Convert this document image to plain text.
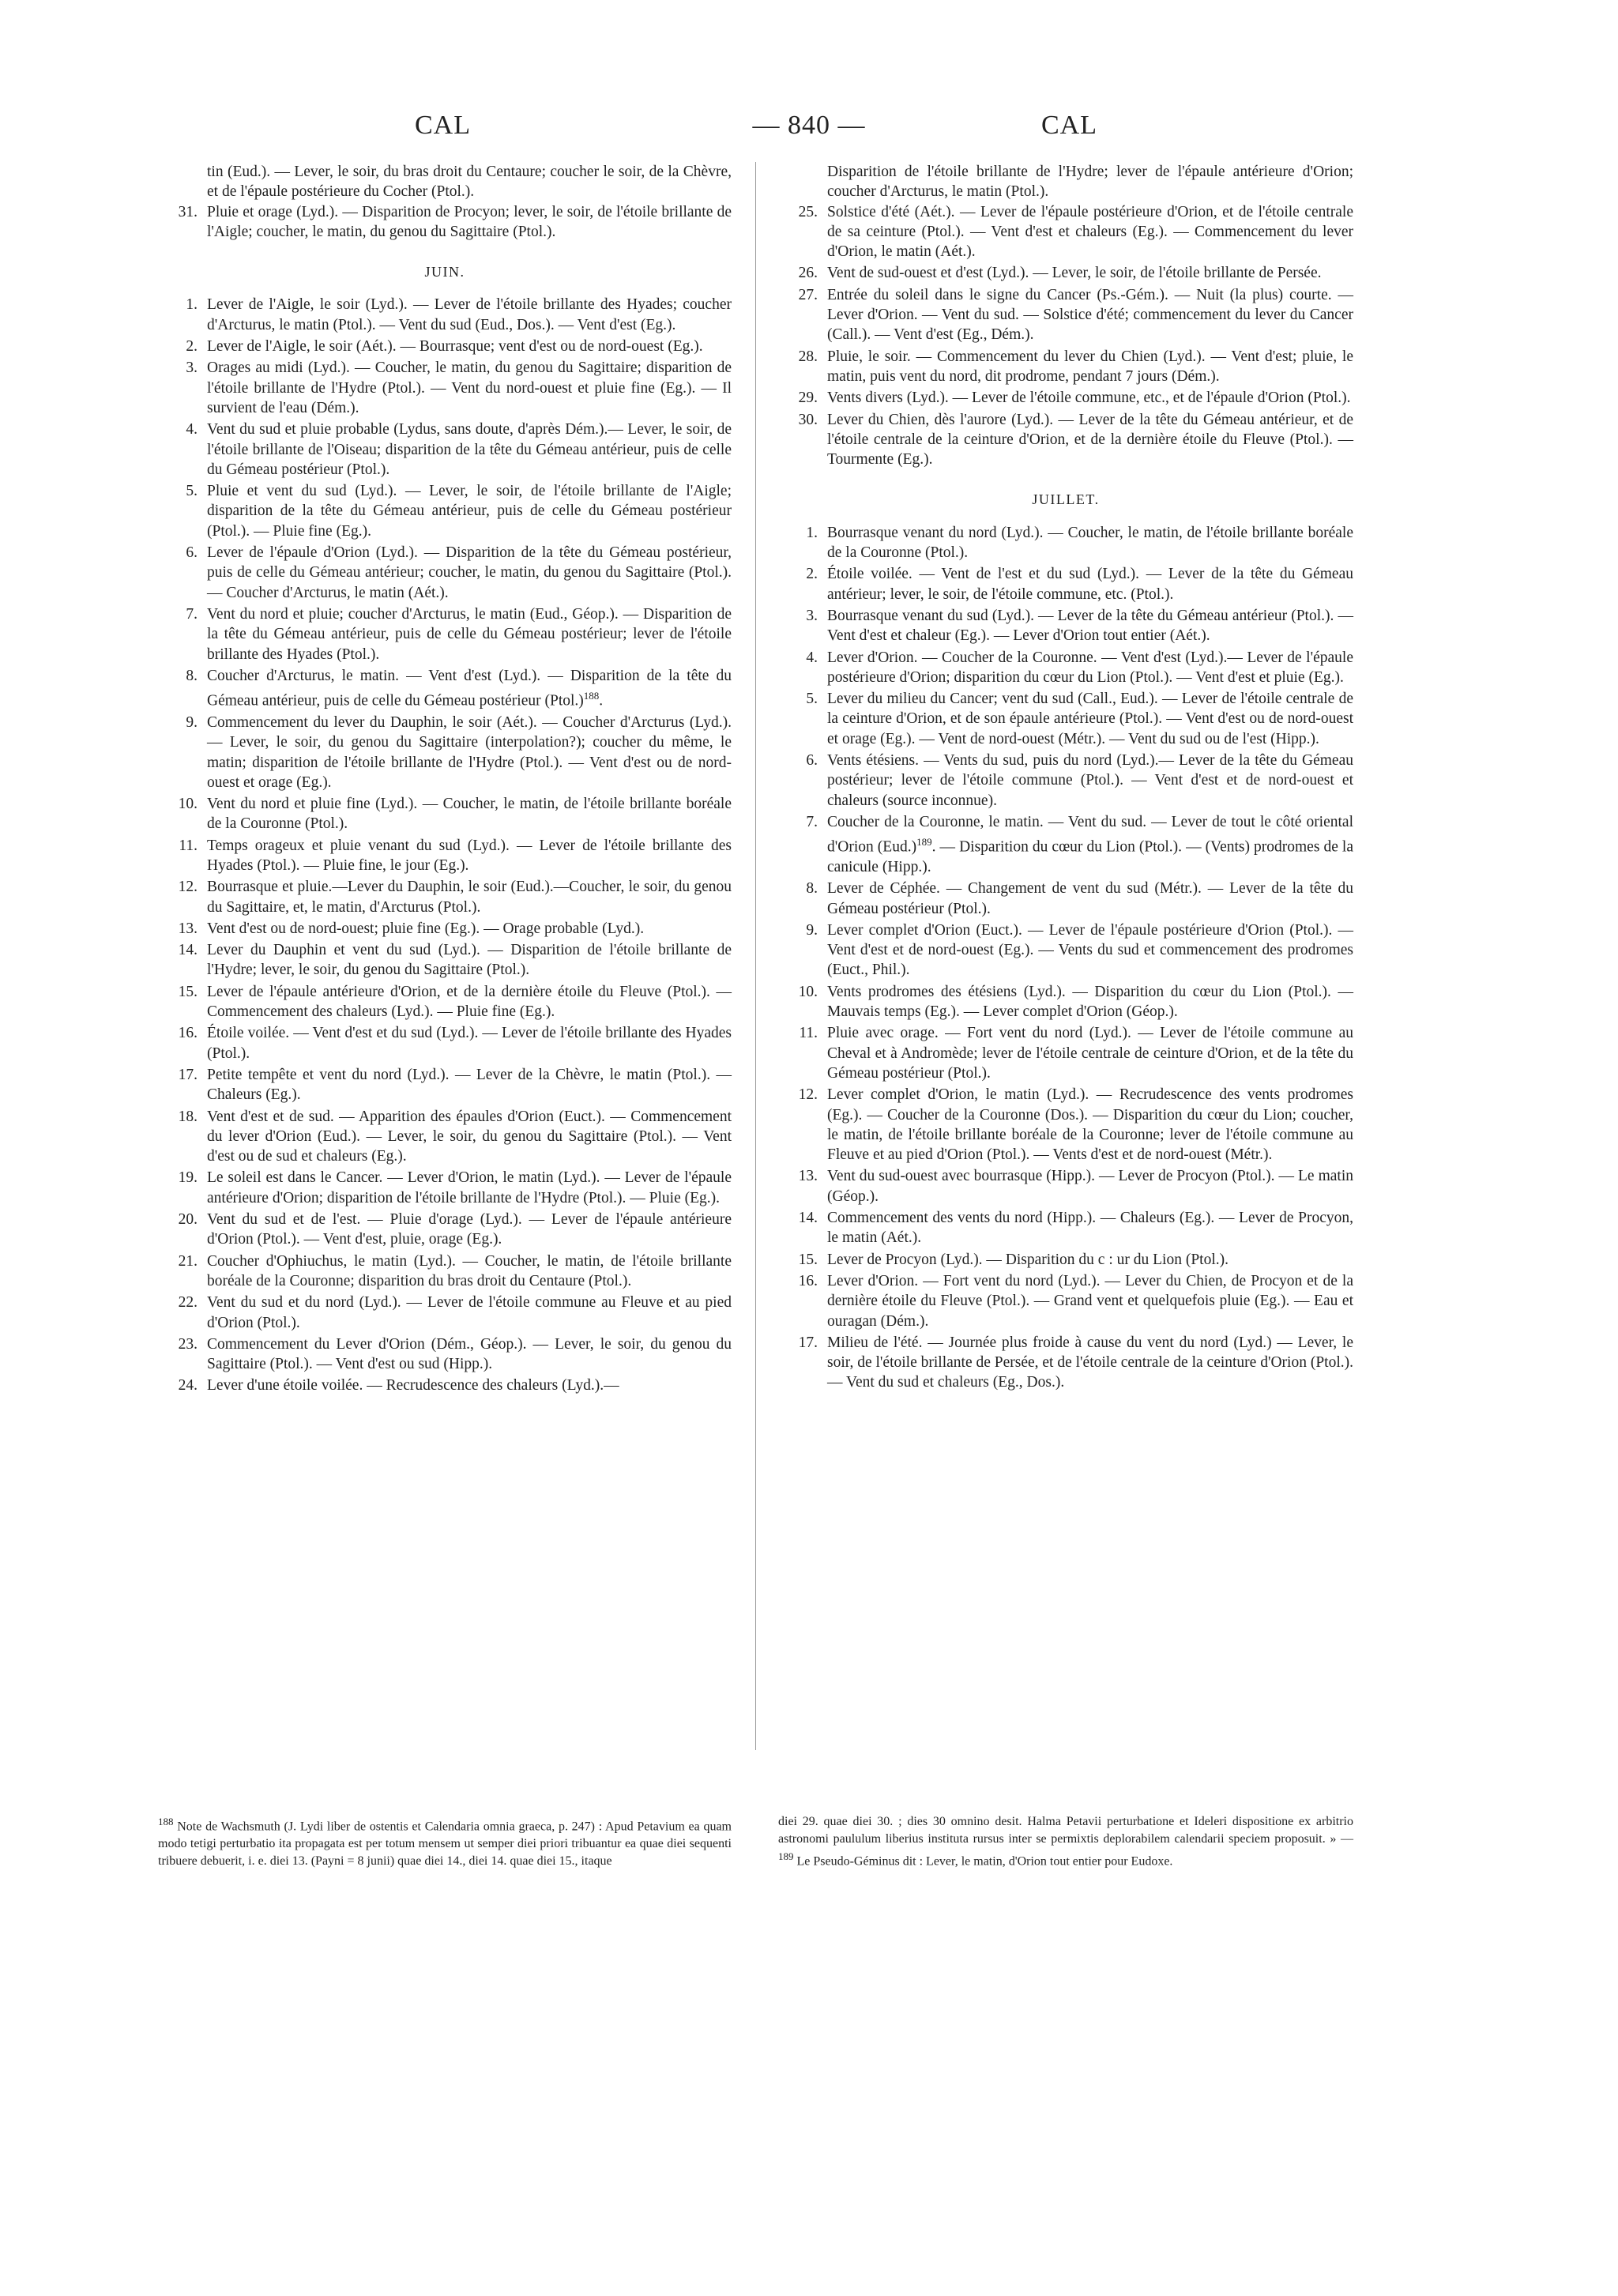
CAL	— 840 —	CAL
tin (Eud.). — Lever, le soir, du bras droit du Centaure; coucher le soir, de la Chèvre, et de l'épaule postérieure du Cocher (Ptol.).
31. Pluie et orage (Lyd.). — Disparition de Procyon; lever, le soir, de l'étoile brillante de l'Aigle; coucher, le matin, du genou du Sagittaire (Ptol.).
JUIN.
1. Lever de l'Aigle, le soir (Lyd.). — Lever de l'étoile brillante des Hyades; coucher d'Arcturus, le matin (Ptol.). — Vent du sud (Eud., Dos.). — Vent d'est (Eg.).
2. Lever de l'Aigle, le soir (Aét.). — Bourrasque; vent d'est ou de nord-ouest (Eg.).
3. Orages au midi (Lyd.). — Coucher, le matin, du genou du Sagittaire; disparition de l'étoile brillante de l'Hydre (Ptol.). — Vent du nord-ouest et pluie fine (Eg.). — Il survient de l'eau (Dém.).
4. Vent du sud et pluie probable (Lydus, sans doute, d'après Dém.).— Lever, le soir, de l'étoile brillante de l'Oiseau; disparition de la tête du Gémeau antérieur, puis de celle du Gémeau postérieur (Ptol.).
5. Pluie et vent du sud (Lyd.). — Lever, le soir, de l'étoile brillante de l'Aigle; disparition de la tête du Gémeau antérieur, puis de celle du Gémeau postérieur (Ptol.). — Pluie fine (Eg.).
6. Lever de l'épaule d'Orion (Lyd.). — Disparition de la tête du Gémeau postérieur, puis de celle du Gémeau antérieur; coucher, le matin, du genou du Sagittaire (Ptol.). — Coucher d'Arcturus, le matin (Aét.).
7. Vent du nord et pluie; coucher d'Arcturus, le matin (Eud., Géop.). — Disparition de la tête du Gémeau antérieur, puis de celle du Gémeau postérieur; lever de l'étoile brillante des Hyades (Ptol.).
8. Coucher d'Arcturus, le matin. — Vent d'est (Lyd.). — Disparition de la tête du Gémeau antérieur, puis de celle du Gémeau postérieur (Ptol.)$^{188}$.
9. Commencement du lever du Dauphin, le soir (Aét.). — Coucher d'Arcturus (Lyd.). — Lever, le soir, du genou du Sagittaire (interpolation?); coucher du même, le matin; disparition de l'étoile brillante de l'Hydre (Ptol.). — Vent d'est ou de nord-ouest et orage (Eg.).
10. Vent du nord et pluie fine (Lyd.). — Coucher, le matin, de l'étoile brillante boréale de la Couronne (Ptol.).
11. Temps orageux et pluie venant du sud (Lyd.). — Lever de l'étoile brillante des Hyades (Ptol.). — Pluie fine, le jour (Eg.).
12. Bourrasque et pluie.—Lever du Dauphin, le soir (Eud.).—Coucher, le soir, du genou du Sagittaire, et, le matin, d'Arcturus (Ptol.).
13. Vent d'est ou de nord-ouest; pluie fine (Eg.). — Orage probable (Lyd.).
14. Lever du Dauphin et vent du sud (Lyd.). — Disparition de l'étoile brillante de l'Hydre; lever, le soir, du genou du Sagittaire (Ptol.).
15. Lever de l'épaule antérieure d'Orion, et de la dernière étoile du Fleuve (Ptol.). — Commencement des chaleurs (Lyd.). — Pluie fine (Eg.).
16. Étoile voilée. — Vent d'est et du sud (Lyd.). — Lever de l'étoile brillante des Hyades (Ptol.).
17. Petite tempête et vent du nord (Lyd.). — Lever de la Chèvre, le matin (Ptol.). — Chaleurs (Eg.).
18. Vent d'est et de sud. — Apparition des épaules d'Orion (Euct.). — Commencement du lever d'Orion (Eud.). — Lever, le soir, du genou du Sagittaire (Ptol.). — Vent d'est ou de sud et chaleurs (Eg.).
19. Le soleil est dans le Cancer. — Lever d'Orion, le matin (Lyd.). — Lever de l'épaule antérieure d'Orion; disparition de l'étoile brillante de l'Hydre (Ptol.). — Pluie (Eg.).
20. Vent du sud et de l'est. — Pluie d'orage (Lyd.). — Lever de l'épaule antérieure d'Orion (Ptol.). — Vent d'est, pluie, orage (Eg.).
21. Coucher d'Ophiuchus, le matin (Lyd.). — Coucher, le matin, de l'étoile brillante boréale de la Couronne; disparition du bras droit du Centaure (Ptol.).
22. Vent du sud et du nord (Lyd.). — Lever de l'étoile commune au Fleuve et au pied d'Orion (Ptol.).
23. Commencement du Lever d'Orion (Dém., Géop.). — Lever, le soir, du genou du Sagittaire (Ptol.). — Vent d'est ou sud (Hipp.).
24. Lever d'une étoile voilée. — Recrudescence des chaleurs (Lyd.).—
Disparition de l'étoile brillante de l'Hydre; lever de l'épaule antérieure d'Orion; coucher d'Arcturus, le matin (Ptol.).
25. Solstice d'été (Aét.). — Lever de l'épaule postérieure d'Orion, et de l'étoile centrale de sa ceinture (Ptol.). — Vent d'est et chaleurs (Eg.). — Commencement du lever d'Orion, le matin (Aét.).
26. Vent de sud-ouest et d'est (Lyd.). — Lever, le soir, de l'étoile brillante de Persée.
27. Entrée du soleil dans le signe du Cancer (Ps.-Gém.). — Nuit (la plus) courte. — Lever d'Orion. — Vent du sud. — Solstice d'été; commencement du lever du Cancer (Call.). — Vent d'est (Eg., Dém.).
28. Pluie, le soir. — Commencement du lever du Chien (Lyd.). — Vent d'est; pluie, le matin, puis vent du nord, dit prodrome, pendant 7 jours (Dém.).
29. Vents divers (Lyd.). — Lever de l'étoile commune, etc., et de l'épaule d'Orion (Ptol.).
30. Lever du Chien, dès l'aurore (Lyd.). — Lever de la tête du Gémeau antérieur, et de l'étoile centrale de la ceinture d'Orion, et de la dernière étoile du Fleuve (Ptol.). — Tourmente (Eg.).
JUILLET.
1. Bourrasque venant du nord (Lyd.). — Coucher, le matin, de l'étoile brillante boréale de la Couronne (Ptol.).
2. Étoile voilée. — Vent de l'est et du sud (Lyd.). — Lever de la tête du Gémeau antérieur; lever, le soir, de l'étoile commune, etc. (Ptol.).
3. Bourrasque venant du sud (Lyd.). — Lever de la tête du Gémeau antérieur (Ptol.). — Vent d'est et chaleur (Eg.). — Lever d'Orion tout entier (Aét.).
4. Lever d'Orion. — Coucher de la Couronne. — Vent d'est (Lyd.).— Lever de l'épaule postérieure d'Orion; disparition du cœur du Lion (Ptol.). — Vent d'est et pluie (Eg.).
5. Lever du milieu du Cancer; vent du sud (Call., Eud.). — Lever de l'étoile centrale de la ceinture d'Orion, et de son épaule antérieure (Ptol.). — Vent d'est ou de nord-ouest et orage (Eg.). — Vent de nord-ouest (Métr.). — Vent du sud ou de l'est (Hipp.).
6. Vents étésiens. — Vents du sud, puis du nord (Lyd.).— Lever de la tête du Gémeau postérieur; lever de l'étoile commune (Ptol.). — Vent d'est et de nord-ouest et chaleurs (source inconnue).
7. Coucher de la Couronne, le matin. — Vent du sud. — Lever de tout le côté oriental d'Orion (Eud.)$^{189}$. — Disparition du cœur du Lion (Ptol.). — (Vents) prodromes de la canicule (Hipp.).
8. Lever de Céphée. — Changement de vent du sud (Métr.). — Lever de la tête du Gémeau postérieur (Ptol.).
9. Lever complet d'Orion (Euct.). — Lever de l'épaule postérieure d'Orion (Ptol.). — Vent d'est et de nord-ouest (Eg.). — Vents du sud et commencement des prodromes (Euct., Phil.).
10. Vents prodromes des étésiens (Lyd.). — Disparition du cœur du Lion (Ptol.). — Mauvais temps (Eg.). — Lever complet d'Orion (Géop.).
11. Pluie avec orage. — Fort vent du nord (Lyd.). — Lever de l'étoile commune au Cheval et à Andromède; lever de l'étoile centrale de ceinture d'Orion, et de la tête du Gémeau postérieur (Ptol.).
12. Lever complet d'Orion, le matin (Lyd.). — Recrudescence des vents prodromes (Eg.). — Coucher de la Couronne (Dos.). — Disparition du cœur du Lion; coucher, le matin, de l'étoile brillante boréale de la Couronne; lever de l'étoile commune au Fleuve et au pied d'Orion (Ptol.). — Vents d'est et de nord-ouest (Métr.).
13. Vent du sud-ouest avec bourrasque (Hipp.). — Lever de Procyon (Ptol.). — Le matin (Géop.).
14. Commencement des vents du nord (Hipp.). — Chaleurs (Eg.). — Lever de Procyon, le matin (Aét.).
15. Lever de Procyon (Lyd.). — Disparition du c : ur du Lion (Ptol.).
16. Lever d'Orion. — Fort vent du nord (Lyd.). — Lever du Chien, de Procyon et de la dernière étoile du Fleuve (Ptol.). — Grand vent et quelquefois pluie (Eg.). — Eau et ouragan (Dém.).
17. Milieu de l'été. — Journée plus froide à cause du vent du nord (Lyd.) — Lever, le soir, de l'étoile brillante de Persée, et de l'étoile centrale de la ceinture d'Orion (Ptol.). — Vent du sud et chaleurs (Eg., Dos.).
$^{188}$ Note de Wachsmuth (J. Lydi liber de ostentis et Calendaria omnia graeca, p. 247) : Apud Petavium ea quam modo tetigi perturbatio ita propagata est per totum mensem ut semper diei priori tribuantur ea quae diei sequenti tribuere debuerit, i. e. diei 13. (Payni = 8 junii) quae diei 14., diei 14. quae diei 15., itaque
diei 29. quae diei 30. ; dies 30 omnino desit. Halma Petavii perturbatione et Ideleri dispositione ex arbitrio astronomi paululum liberius instituta rursus inter se permixtis deplorabilem calendarii speciem proposuit. » — $^{189}$ Le Pseudo-Géminus dit : Lever, le matin, d'Orion tout entier pour Eudoxe.
